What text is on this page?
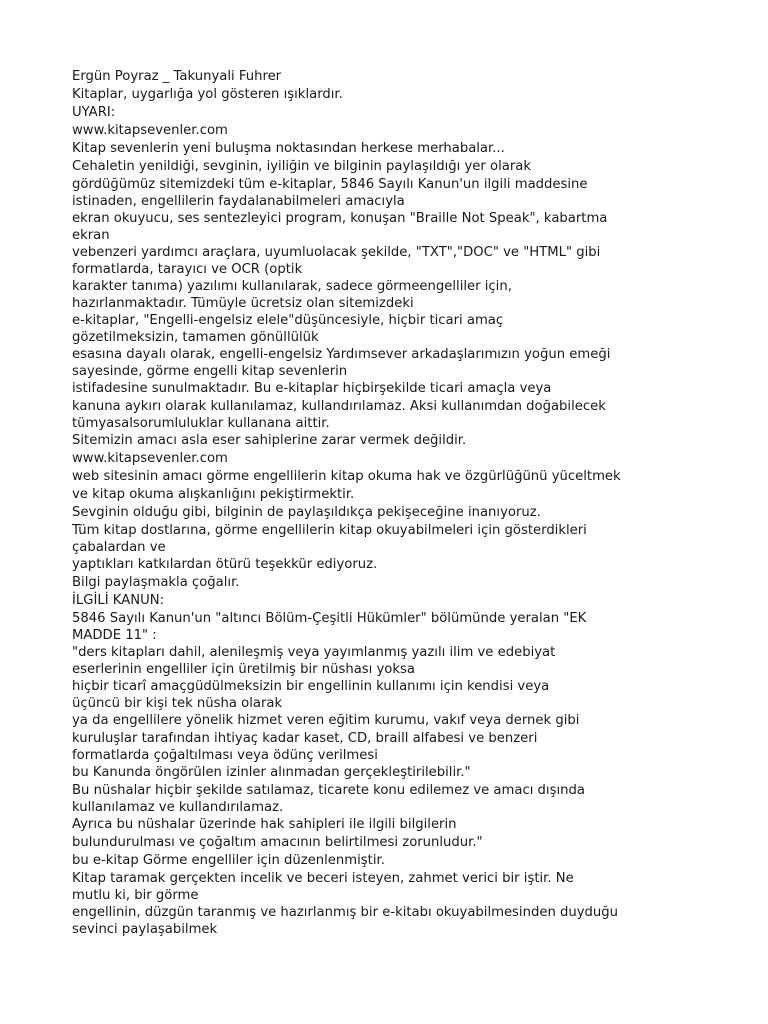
Ergün Poyraz _ Takunyali Fuhrer
Kitaplar, uygarlığa yol gösteren ışıklardır.
UYARI:
www.kitapsevenler.com
Kitap sevenlerin yeni buluşma noktasından herkese merhabalar...
Cehaletin yenildiği, sevginin, iyiliğin ve bilginin paylaşıldığı yer olarak
gördüğümüz sitemizdeki tüm e-kitaplar, 5846 Sayılı Kanun'un ilgili maddesine
istinaden, engellilerin faydalanabilmeleri amacıyla
ekran okuyucu, ses sentezleyici program, konuşan "Braille Not Speak", kabartma
ekran
vebenzeri yardımcı araçlara, uyumluolacak şekilde, "TXT","DOC" ve "HTML" gibi
formatlarda, tarayıcı ve OCR (optik
karakter tanıma) yazılımı kullanılarak, sadece görmeengelliler için,
hazırlanmaktadır. Tümüyle ücretsiz olan sitemizdeki
e-kitaplar, "Engelli-engelsiz elele"düşüncesiyle, hiçbir ticari amaç
gözetilmeksizin, tamamen gönüllülük
esasına dayalı olarak, engelli-engelsiz Yardımsever arkadaşlarımızın yoğun emeği
sayesinde, görme engelli kitap sevenlerin
istifadesine sunulmaktadır. Bu e-kitaplar hiçbirşekilde ticari amaçla veya
kanuna aykırı olarak kullanılamaz, kullandırılamaz. Aksi kullanımdan doğabilecek
tümyasalsorumluluklar kullanana aittir.
Sitemizin amacı asla eser sahiplerine zarar vermek değildir.
www.kitapsevenler.com
web sitesinin amacı görme engellilerin kitap okuma hak ve özgürlüğünü yüceltmek
ve kitap okuma alışkanlığını pekiştirmektir.
Sevginin olduğu gibi, bilginin de paylaşıldıkça pekişeceğine inanıyoruz.
Tüm kitap dostlarına, görme engellilerin kitap okuyabilmeleri için gösterdikleri
çabalardan ve
yaptıkları katkılardan ötürü teşekkür ediyoruz.
Bilgi paylaşmakla çoğalır.
İLGİLİ KANUN:
5846 Sayılı Kanun'un "altıncı Bölüm-Çeşitli Hükümler" bölümünde yeralan "EK
MADDE 11" :
"ders kitapları dahil, alenileşmiş veya yayımlanmış yazılı ilim ve edebiyat
eserlerinin engelliler için üretilmiş bir nüshası yoksa
hiçbir ticarî amaçgüdülmeksizin bir engellinin kullanımı için kendisi veya
üçüncü bir kişi tek nüsha olarak
ya da engellilere yönelik hizmet veren eğitim kurumu, vakıf veya dernek gibi
kuruluşlar tarafından ihtiyaç kadar kaset, CD, braill alfabesi ve benzeri
formatlarda çoğaltılması veya ödünç verilmesi
bu Kanunda öngörülen izinler alınmadan gerçekleştirilebilir."
Bu nüshalar hiçbir şekilde satılamaz, ticarete konu edilemez ve amacı dışında
kullanılamaz ve kullandırılamaz.
Ayrıca bu nüshalar üzerinde hak sahipleri ile ilgili bilgilerin
bulundurulması ve çoğaltım amacının belirtilmesi zorunludur."
bu e-kitap Görme engelliler için düzenlenmiştir.
Kitap taramak gerçekten incelik ve beceri isteyen, zahmet verici bir iştir. Ne
mutlu ki, bir görme
engellinin, düzgün taranmış ve hazırlanmış bir e-kitabı okuyabilmesinden duyduğu
sevinci paylaşabilmek
